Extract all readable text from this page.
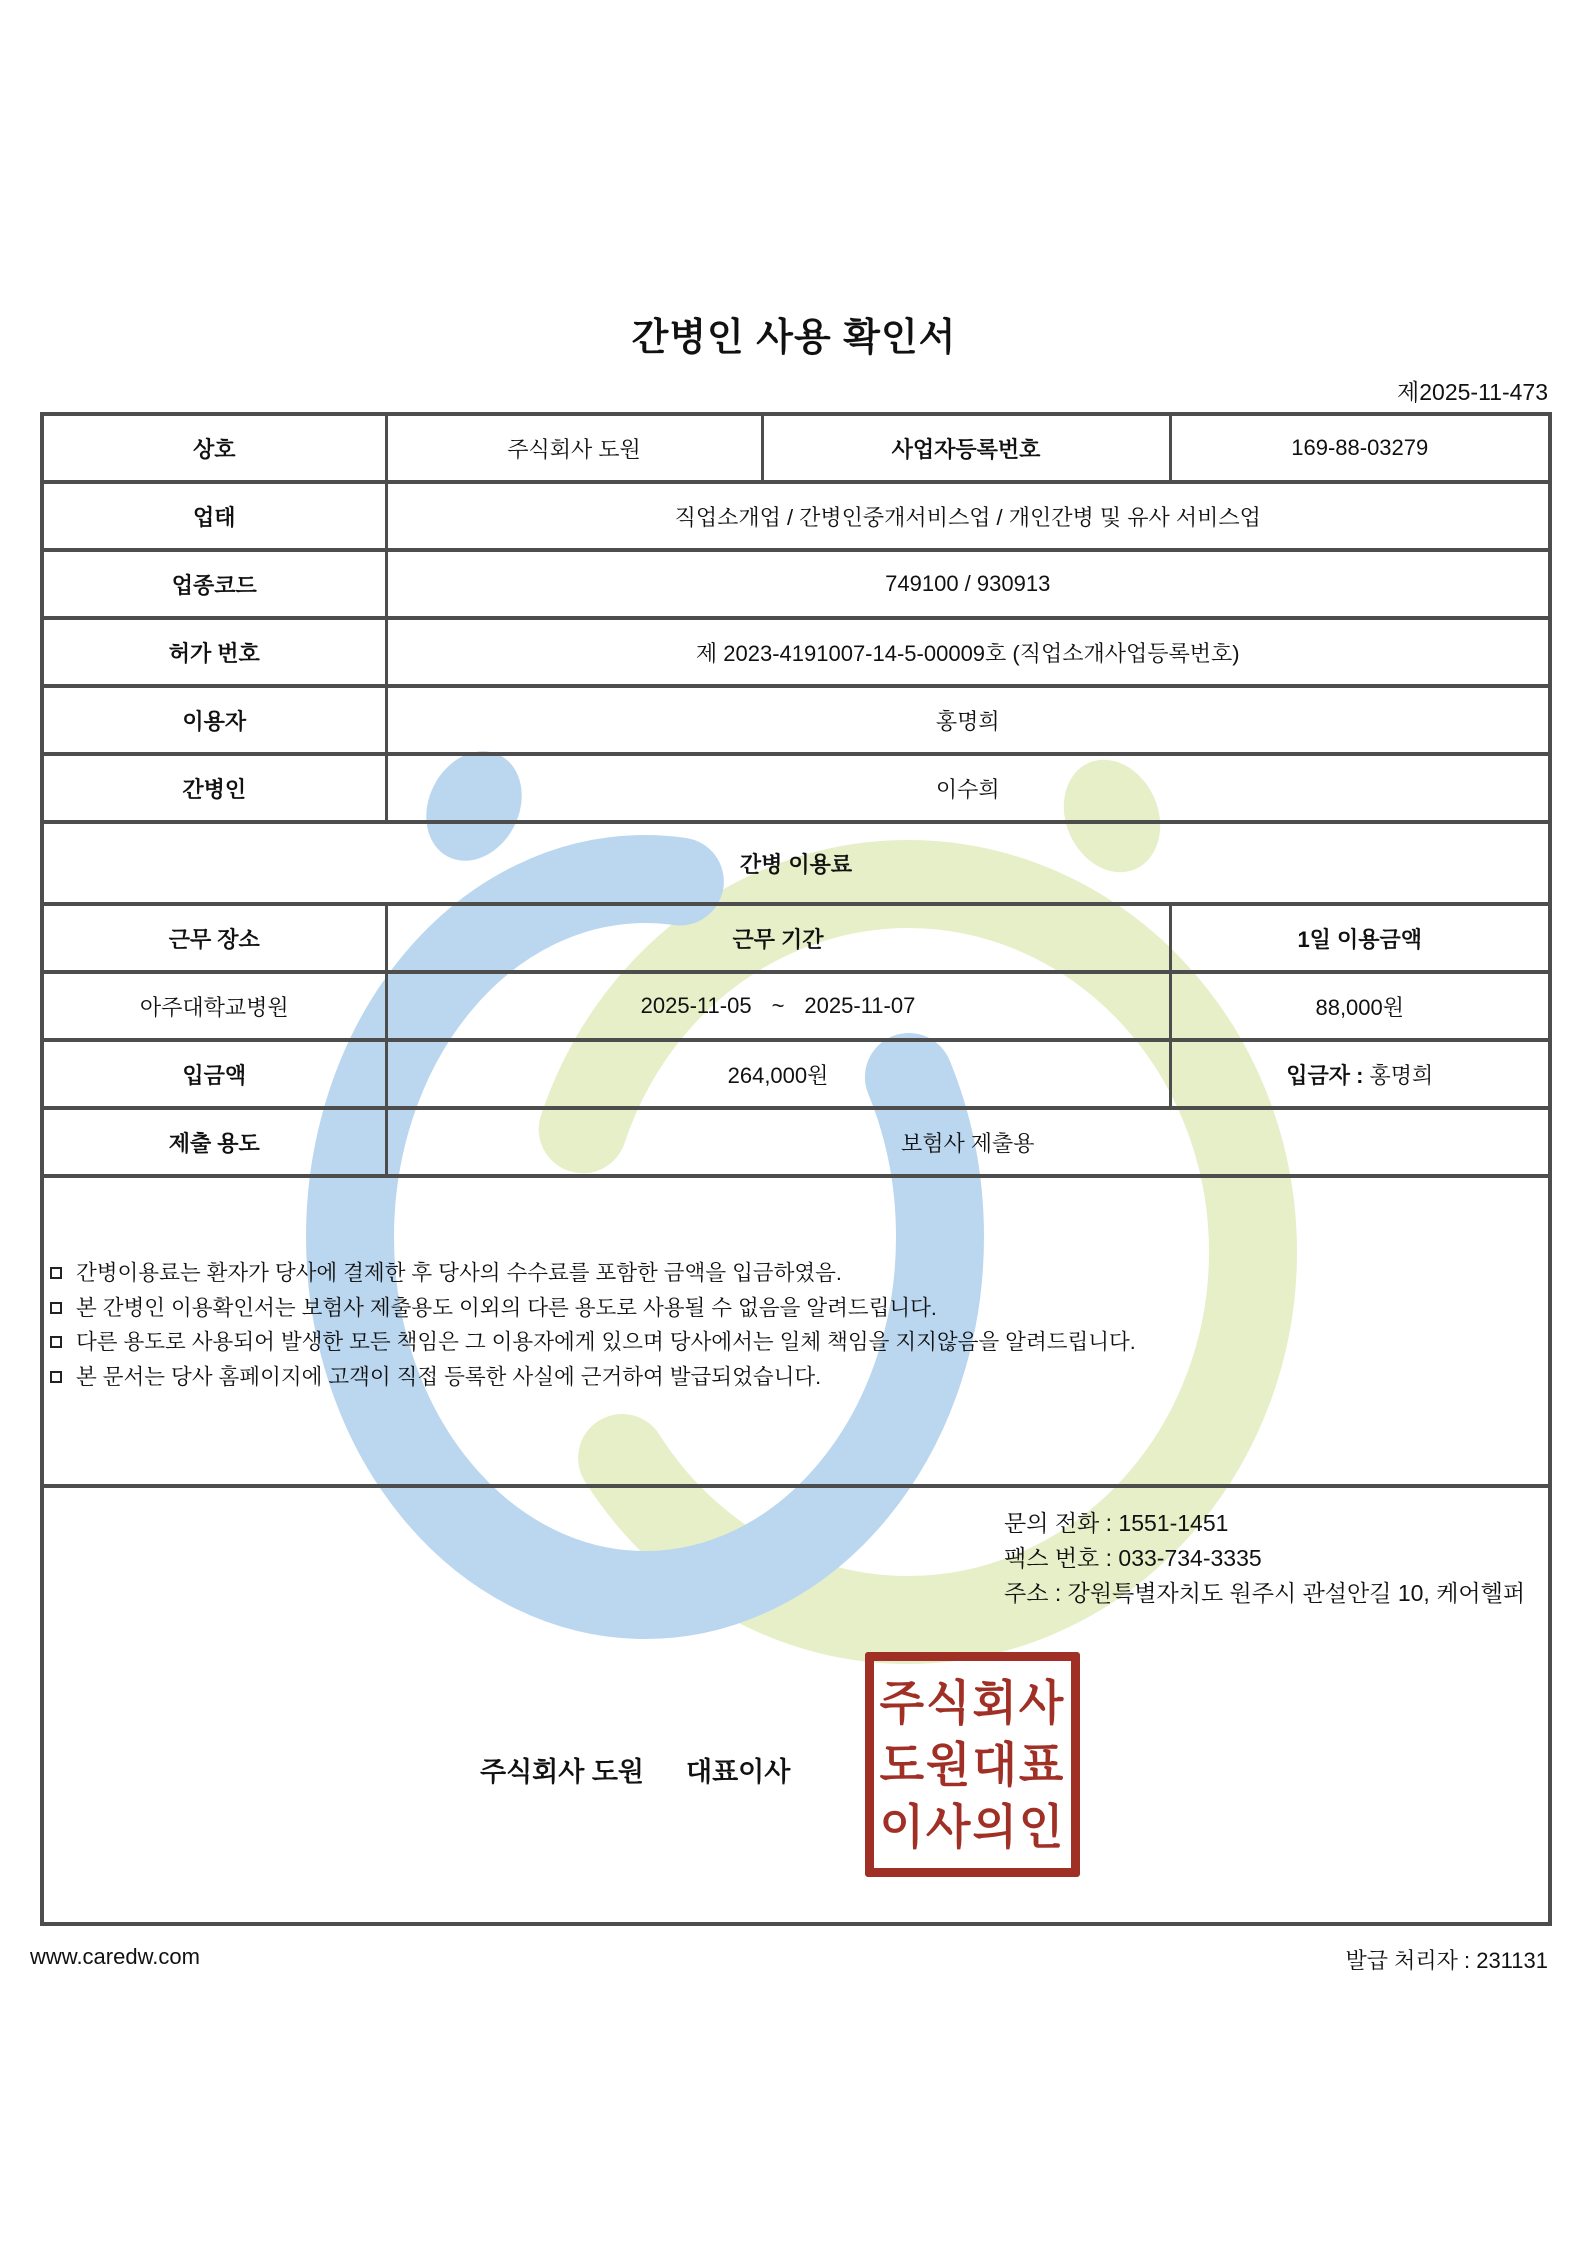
간병인 사용 확인서
제2025-11-473
상호	주식회사 도원	사업자등록번호	169-88-03279
업태	직업소개업 / 간병인중개서비스업 / 개인간병 및 유사 서비스업		
업종코드	749100 / 930913		
허가 번호	제 2023-4191007-14-5-00009호 (직업소개사업등록번호)		
이용자	홍명희		
간병인	이수희		
간병 이용료			
근무 장소	근무 기간		1일 이용금액
아주대학교병원	2025-11-05 ~ 2025-11-07		88,000원
입금액	264,000원		입금자 : 홍명희
제출 용도	보험사 제출용		

간병이용료는 환자가 당사에 결제한 후 당사의 수수료를 포함한 금액을 입금하였음.
본 간병인 이용확인서는 보험사 제출용도 이외의 다른 용도로 사용될 수 없음을 알려드립니다.
다른 용도로 사용되어 발생한 모든 책임은 그 이용자에게 있으며 당사에서는 일체 책임을 지지않음을 알려드립니다.
본 문서는 당사 홈페이지에 고객이 직접 등록한 사실에 근거하여 발급되었습니다.			

문의 전화 : 1551-1451
팩스 번호 : 033-734-3335
주소 : 강원특별자치도 원주시 관설안길 10, 케어헬퍼
주식회사 도원 대표이사
주식회사
도원대표
이사의인
www.caredw.com	발급 처리자 : 231131
